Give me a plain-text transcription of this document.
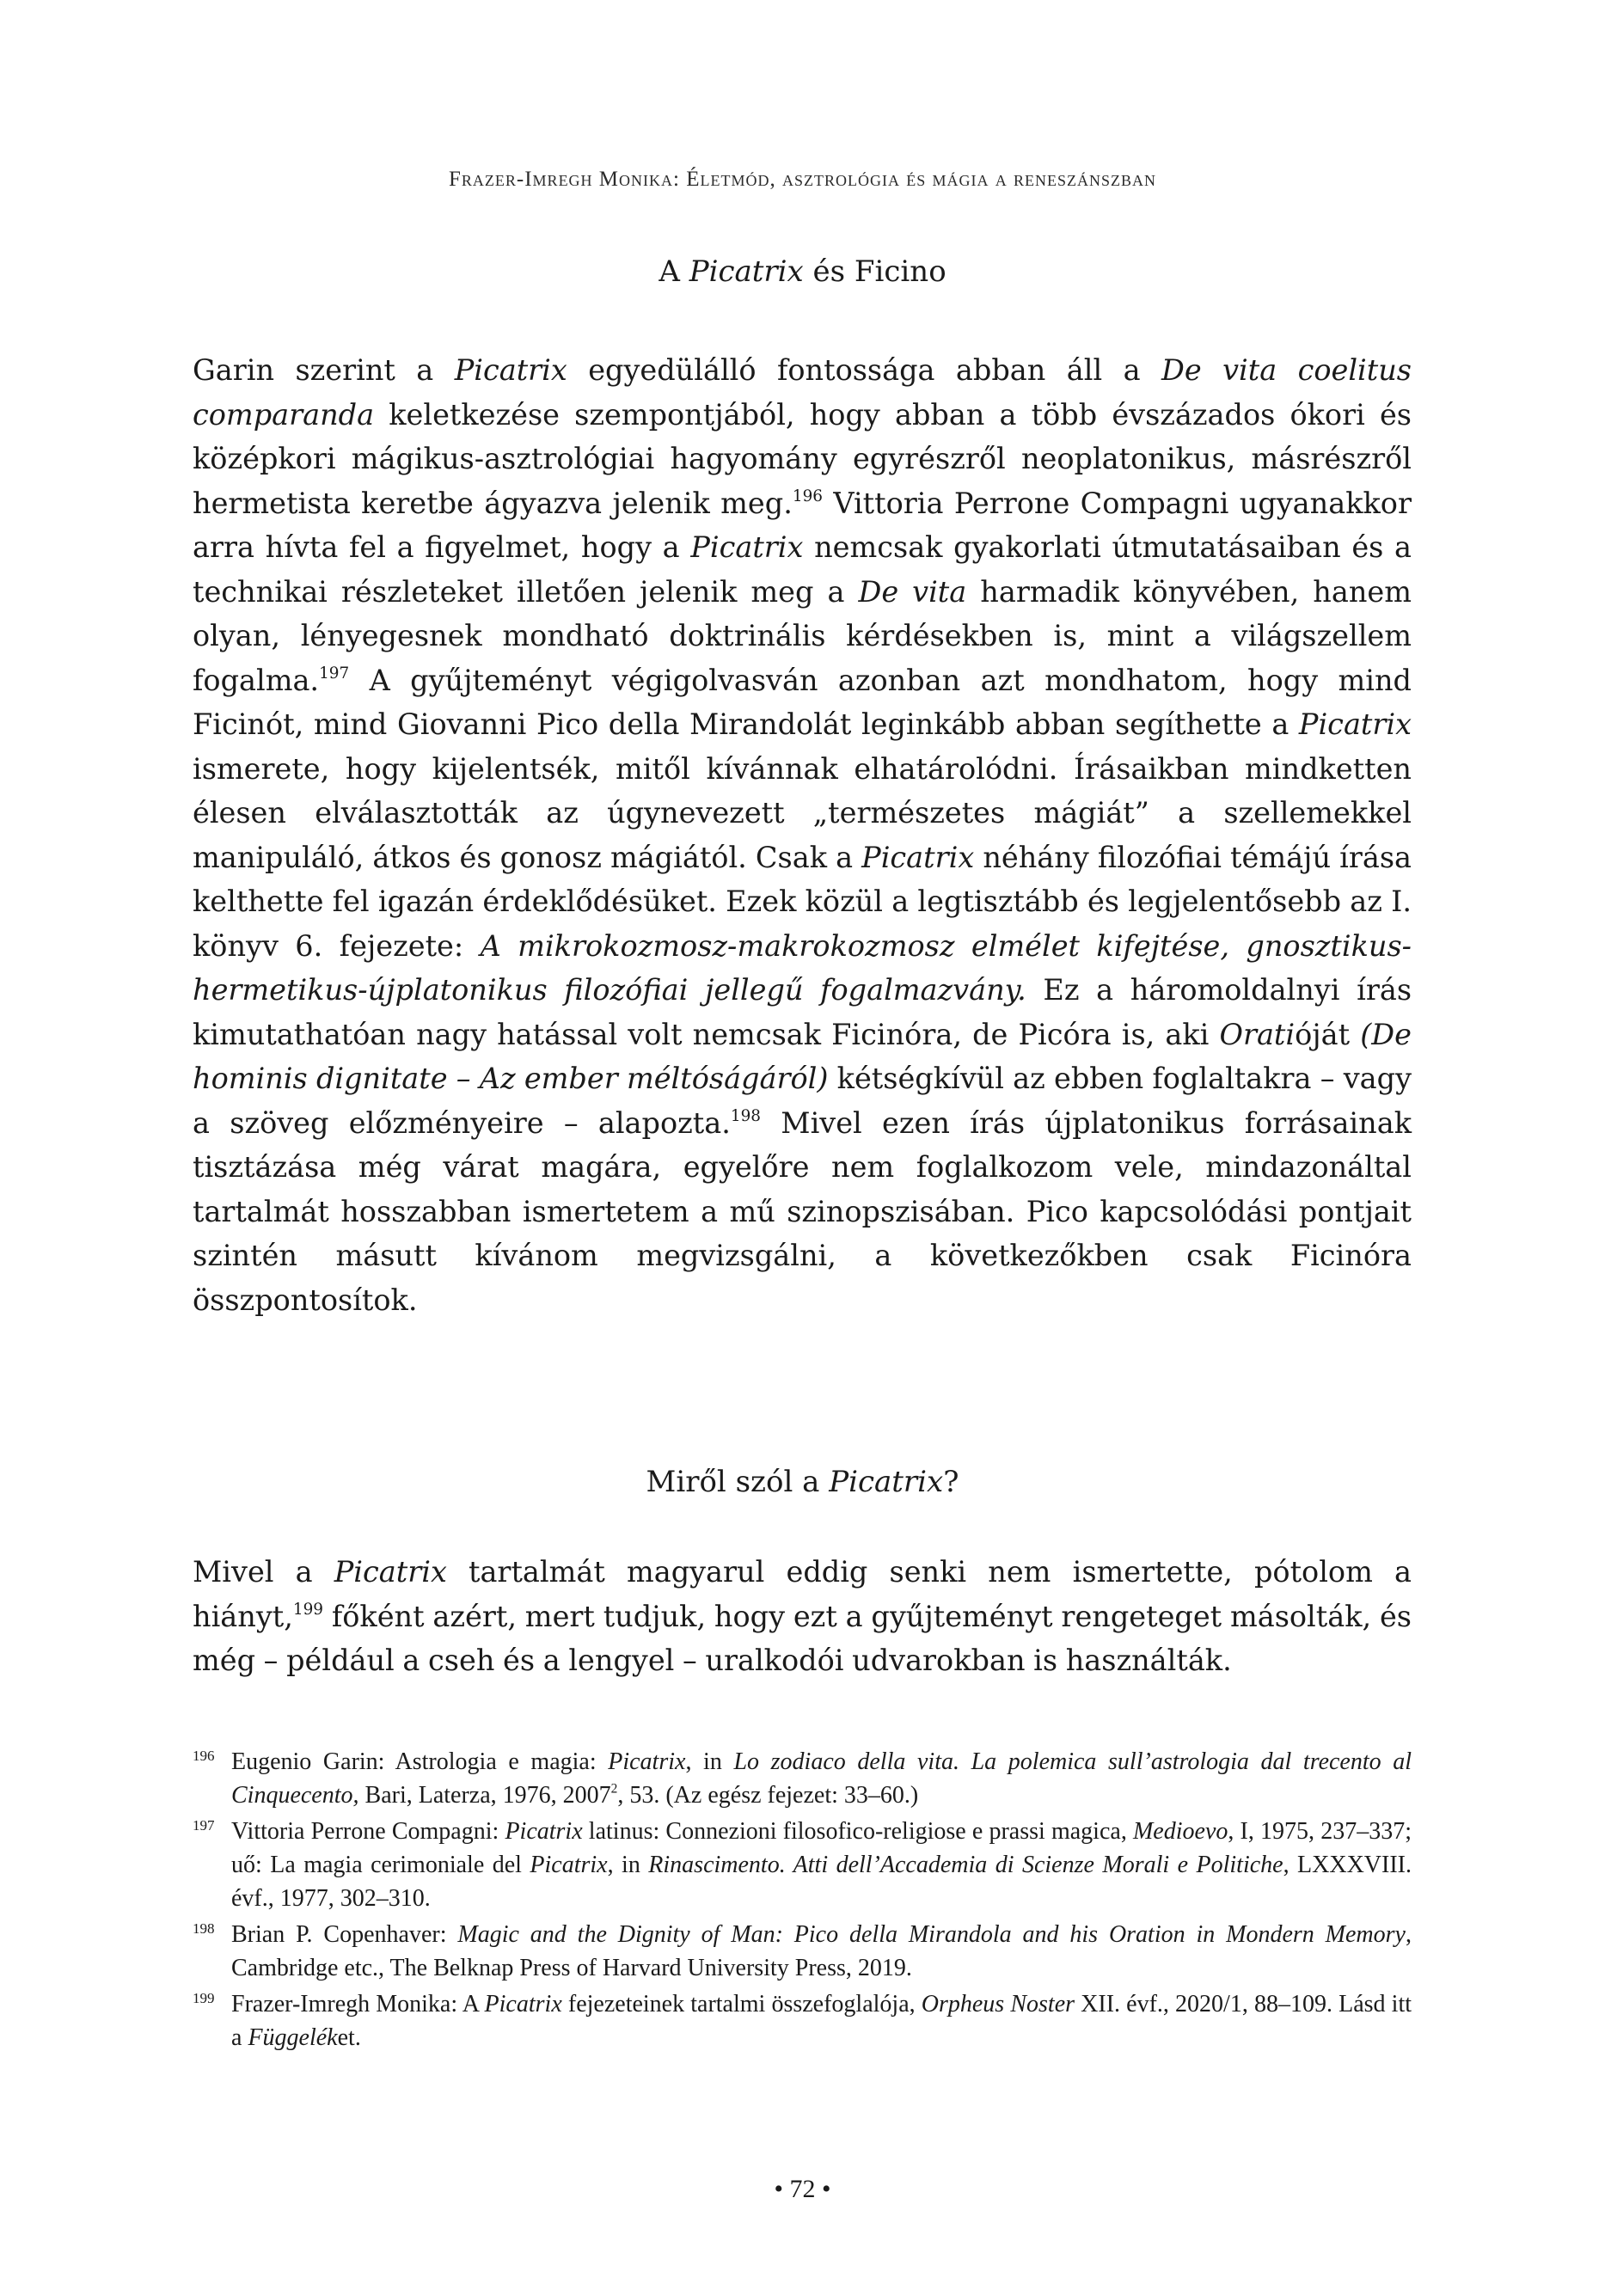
Frazer-Imregh Monika: Életmód, asztrológia és mágia a reneszánszban
A Picatrix és Ficino

Garin szerint a Picatrix egyedülálló fontossága abban áll a De vita coelitus comparanda keletkezése szempontjából, hogy abban a több évszázados ókori és középkori mágikus-asztrológiai hagyomány egyrészről neoplatonikus, másrészről hermetista keretbe ágyazva jelenik meg.$^{196}$ Vittoria Perrone Compagni ugyanakkor arra hívta fel a figyelmet, hogy a Picatrix nemcsak gyakorlati útmutatásaiban és a technikai részleteket illetően jelenik meg a De vita harmadik könyvében, hanem olyan, lényegesnek mondható doktrinális kérdésekben is, mint a világszellem fogalma.$^{197}$ A gyűjteményt végigolvasván azonban azt mondhatom, hogy mind Ficinót, mind Giovanni Pico della Mirandolát leginkább abban segíthette a Picatrix ismerete, hogy kijelentsék, mitől kívánnak elhatárolódni. Írásaikban mindketten élesen elválasztották az úgynevezett „természetes mágiát” a szellemekkel manipuláló, átkos és gonosz mágiától. Csak a Picatrix néhány filozófiai témájú írása kelthette fel igazán érdeklődésüket. Ezek közül a legtisztább és legjelentősebb az I. könyv 6. fejezete: A mikrokozmosz-makrokozmosz elmélet kifejtése, gnosztikus-hermetikus-újplatonikus filozófiai jellegű fogalmazvány. Ez a háromoldalnyi írás kimutathatóan nagy hatással volt nemcsak Ficinóra, de Picóra is, aki Oratióját (De hominis dignitate – Az ember méltóságáról) kétségkívül az ebben foglaltakra – vagy a szöveg előzményeire – alapozta.$^{198}$ Mivel ezen írás újplatonikus forrásainak tisztázása még várat magára, egyelőre nem foglalkozom vele, mindazonáltal tartalmát hosszabban ismertetem a mű szinopszisában. Pico kapcsolódási pontjait szintén másutt kívánom megvizsgálni, a következőkben csak Ficinóra összpontosítok.

Miről szól a Picatrix?

Mivel a Picatrix tartalmát magyarul eddig senki nem ismertette, pótolom a hiányt,$^{199}$ főként azért, mert tudjuk, hogy ezt a gyűjteményt rengeteget másolták, és még – például a cseh és a lengyel – uralkodói udvarokban is használták.

196 Eugenio Garin: Astrologia e magia: Picatrix, in Lo zodiaco della vita. La polemica sull’astrologia dal trecento al Cinquecento, Bari, Laterza, 1976, 2007$^2$, 53. (Az egész fejezet: 33–60.)

197 Vittoria Perrone Compagni: Picatrix latinus: Connezioni filosofico-religiose e prassi magica, Medioevo, I, 1975, 237–337; uő: La magia cerimoniale del Picatrix, in Rinascimento. Atti dell’Accademia di Scienze Morali e Politiche, LXXXVIII. évf., 1977, 302–310.

198 Brian P. Copenhaver: Magic and the Dignity of Man: Pico della Mirandola and his Oration in Mondern Memory, Cambridge etc., The Belknap Press of Harvard University Press, 2019.

199 Frazer-Imregh Monika: A Picatrix fejezeteinek tartalmi összefoglalója, Orpheus Noster XII. évf., 2020/1, 88–109. Lásd itt a Függeléket.

• 72 •
